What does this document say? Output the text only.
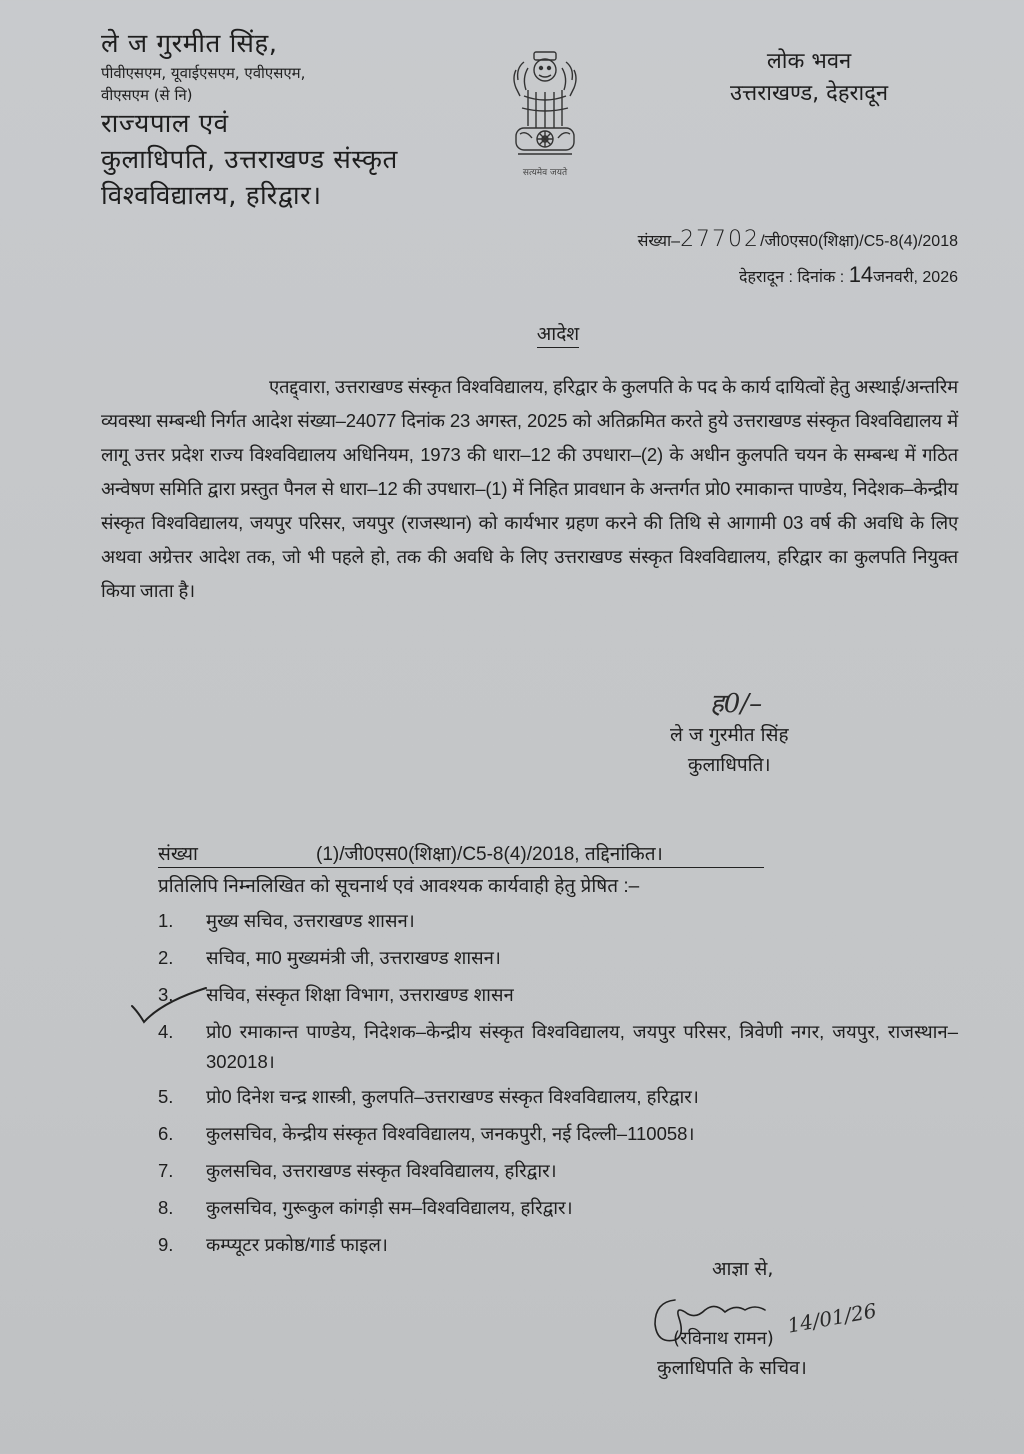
ले ज गुरमीत सिंह,
पीवीएसएम, यूवाईएसएम, एवीएसएम,
वीएसएम (से नि)
राज्यपाल एवं
कुलाधिपति, उत्तराखण्ड संस्कृत
विश्वविद्यालय, हरिद्वार।
सत्यमेव जयते
लोक भवन
उत्तराखण्ड, देहरादून
संख्या–27702/जी0एस0(शिक्षा)/C5-8(4)/2018
देहरादून : दिनांक : 14जनवरी, 2026
आदेश
एतद्द्वारा, उत्तराखण्ड संस्कृत विश्वविद्यालय, हरिद्वार के कुलपति के पद के कार्य दायित्वों हेतु अस्थाई/अन्तरिम व्यवस्था सम्बन्धी निर्गत आदेश संख्या–24077 दिनांक 23 अगस्त, 2025 को अतिक्रमित करते हुये उत्तराखण्ड संस्कृत विश्वविद्यालय में लागू उत्तर प्रदेश राज्य विश्वविद्यालय अधिनियम, 1973 की धारा–12 की उपधारा–(2) के अधीन कुलपति चयन के सम्बन्ध में गठित अन्वेषण समिति द्वारा प्रस्तुत पैनल से धारा–12 की उपधारा–(1) में निहित प्रावधान के अन्तर्गत प्रो0 रमाकान्त पाण्डेय, निदेशक–केन्द्रीय संस्कृत विश्वविद्यालय, जयपुर परिसर, जयपुर (राजस्थान) को कार्यभार ग्रहण करने की तिथि से आगामी 03 वर्ष की अवधि के लिए अथवा अग्रेत्तर आदेश तक, जो भी पहले हो, तक की अवधि के लिए उत्तराखण्ड संस्कृत विश्वविद्यालय, हरिद्वार का कुलपति नियुक्त किया जाता है।
ह0/–
ले ज गुरमीत सिंह
कुलाधिपति।
संख्या	(1)/जी0एस0(शिक्षा)/C5-8(4)/2018, तद्दिनांकित।
प्रतिलिपि निम्नलिखित को सूचनार्थ एवं आवश्यक कार्यवाही हेतु प्रेषित :–
1.	मुख्य सचिव, उत्तराखण्ड शासन।
2.	सचिव, मा0 मुख्यमंत्री जी, उत्तराखण्ड शासन।
3.	सचिव, संस्कृत शिक्षा विभाग, उत्तराखण्ड शासन
4.	प्रो0 रमाकान्त पाण्डेय, निदेशक–केन्द्रीय संस्कृत विश्वविद्यालय, जयपुर परिसर, त्रिवेणी नगर, जयपुर, राजस्थान–302018।
5.	प्रो0 दिनेश चन्द्र शास्त्री, कुलपति–उत्तराखण्ड संस्कृत विश्वविद्यालय, हरिद्वार।
6.	कुलसचिव, केन्द्रीय संस्कृत विश्वविद्यालय, जनकपुरी, नई दिल्ली–110058।
7.	कुलसचिव, उत्तराखण्ड संस्कृत विश्वविद्यालय, हरिद्वार।
8.	कुलसचिव, गुरूकुल कांगड़ी सम–विश्वविद्यालय, हरिद्वार।
9.	कम्प्यूटर प्रकोष्ठ/गार्ड फाइल।
आज्ञा से,
14/01/26
(रविनाथ रामन)
कुलाधिपति के सचिव।
